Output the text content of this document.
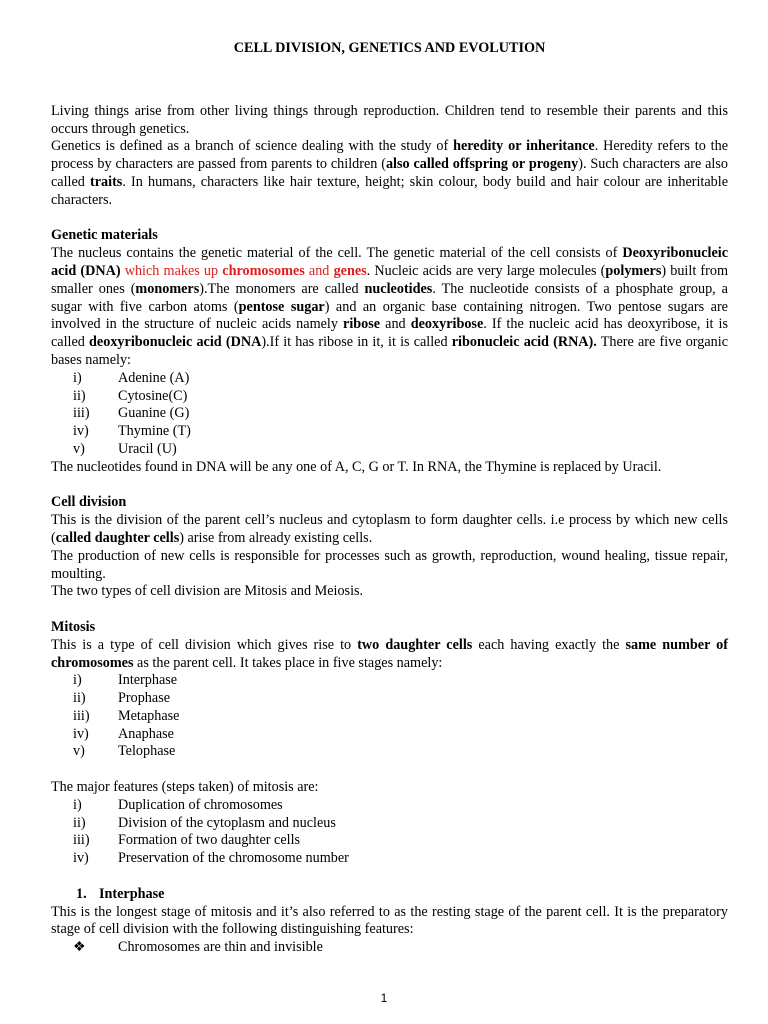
CELL DIVISION, GENETICS AND EVOLUTION

Living things arise from other living things through reproduction. Children tend to resemble their parents and this occurs through genetics.

Genetics is defined as a branch of science dealing with the study of heredity or inheritance. Heredity refers to the process by characters are passed from parents to children (also called offspring or progeny). Such characters are also called traits. In humans, characters like hair texture, height; skin colour, body build and hair colour are inheritable characters.

Genetic materials

The nucleus contains the genetic material of the cell. The genetic material of the cell consists of Deoxyribonucleic acid (DNA) which makes up chromosomes and genes. Nucleic acids are very large molecules (polymers) built from smaller ones (monomers).The monomers are called nucleotides. The nucleotide consists of a phosphate group, a sugar with five carbon atoms (pentose sugar) and an organic base containing nitrogen. Two pentose sugars are involved in the structure of nucleic acids namely ribose and deoxyribose. If the nucleic acid has deoxyribose, it is called deoxyribonucleic acid (DNA).If it has ribose in it, it is called ribonucleic acid (RNA). There are five organic bases namely:

i)	Adenine (A)
ii)	Cytosine(C)
iii)	Guanine (G)
iv)	Thymine (T)
v)	Uracil (U)

The nucleotides found in DNA will be any one of A, C, G or T. In RNA, the Thymine is replaced by Uracil.

Cell division

This is the division of the parent cell’s nucleus and cytoplasm to form daughter cells. i.e process by which new cells (called daughter cells) arise from already existing cells.

The production of new cells is responsible for processes such as growth, reproduction, wound healing, tissue repair, moulting.

The two types of cell division are Mitosis and Meiosis.

Mitosis

This is a type of cell division which gives rise to two daughter cells each having exactly the same number of chromosomes as the parent cell. It takes place in five stages namely:

i)	Interphase
ii)	Prophase
iii)	Metaphase
iv)	Anaphase
v)	Telophase

The major features (steps taken) of mitosis are:

i)	Duplication of chromosomes
ii)	Division of the cytoplasm and nucleus
iii)	Formation of two daughter cells
iv)	Preservation of the chromosome number
1. Interphase

This is the longest stage of mitosis and it’s also referred to as the resting stage of the parent cell. It is the preparatory stage of cell division with the following distinguishing features:

❖	Chromosomes are thin and invisible
1
